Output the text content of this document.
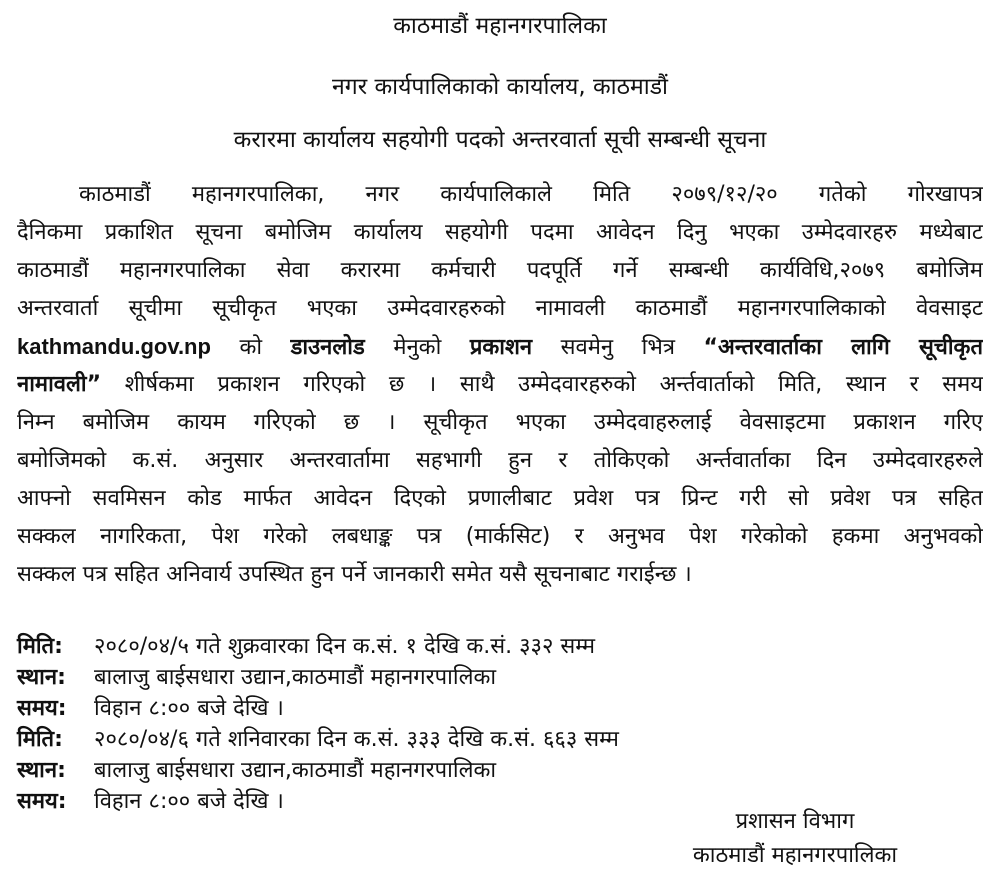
काठमाडौं महानगरपालिका
नगर कार्यपालिकाको कार्यालय, काठमाडौं
करारमा कार्यालय सहयोगी पदको अन्तरवार्ता सूची सम्बन्धी सूचना
काठमाडौं महानगरपालिका, नगर कार्यपालिकाले मिति २०७९/१२/२० गतेको गोरखापत्र
दैनिकमा प्रकाशित सूचना बमोजिम कार्यालय सहयोगी पदमा आवेदन दिनु भएका उम्मेदवारहरु मध्येबाट
काठमाडौं महानगरपालिका सेवा करारमा कर्मचारी पदपूर्ति गर्ने सम्बन्धी कार्यविधि,२०७९ बमोजिम
अन्तरवार्ता सूचीमा सूचीकृत भएका उम्मेदवारहरुको नामावली काठमाडौं महानगरपालिकाको वेवसाइट
kathmandu.gov.np को डाउनलोड मेनुको प्रकाशन सवमेनु भित्र “अन्तरवार्ताका लागि सूचीकृत
नामावली” शीर्षकमा प्रकाशन गरिएको छ । साथै उम्मेदवारहरुको अर्न्तवार्ताको मिति, स्थान र समय
निम्न बमोजिम कायम गरिएको छ । सूचीकृत भएका उम्मेदवाहरुलाई वेवसाइटमा प्रकाशन गरिए
बमोजिमको क.सं. अनुसार अन्तरवार्तामा सहभागी हुन र तोकिएको अर्न्तवार्ताका दिन उम्मेदवारहरुले
आफ्नो सवमिसन कोड मार्फत आवेदन दिएको प्रणालीबाट प्रवेश पत्र प्रिन्ट गरी सो प्रवेश पत्र सहित
सक्कल नागरिकता, पेश गरेको लबधाङ्क पत्र (मार्कसिट) र अनुभव पेश गरेकोको हकमा अनुभवको
सक्कल पत्र सहित अनिवार्य उपस्थित हुन पर्ने जानकारी समेत यसै सूचनाबाट गराईन्छ ।
मिति: २०८०/०४/५ गते शुक्रवारका दिन क.सं. १ देखि क.सं. ३३२ सम्म
स्थान: बालाजु बाईसधारा उद्यान,काठमाडौं महानगरपालिका
समय: विहान ८:०० बजे देखि ।
मिति: २०८०/०४/६ गते शनिवारका दिन क.सं. ३३३ देखि क.सं. ६६३ सम्म
स्थान: बालाजु बाईसधारा उद्यान,काठमाडौं महानगरपालिका
समय: विहान ८:०० बजे देखि ।
प्रशासन विभाग
काठमाडौं महानगरपालिका
